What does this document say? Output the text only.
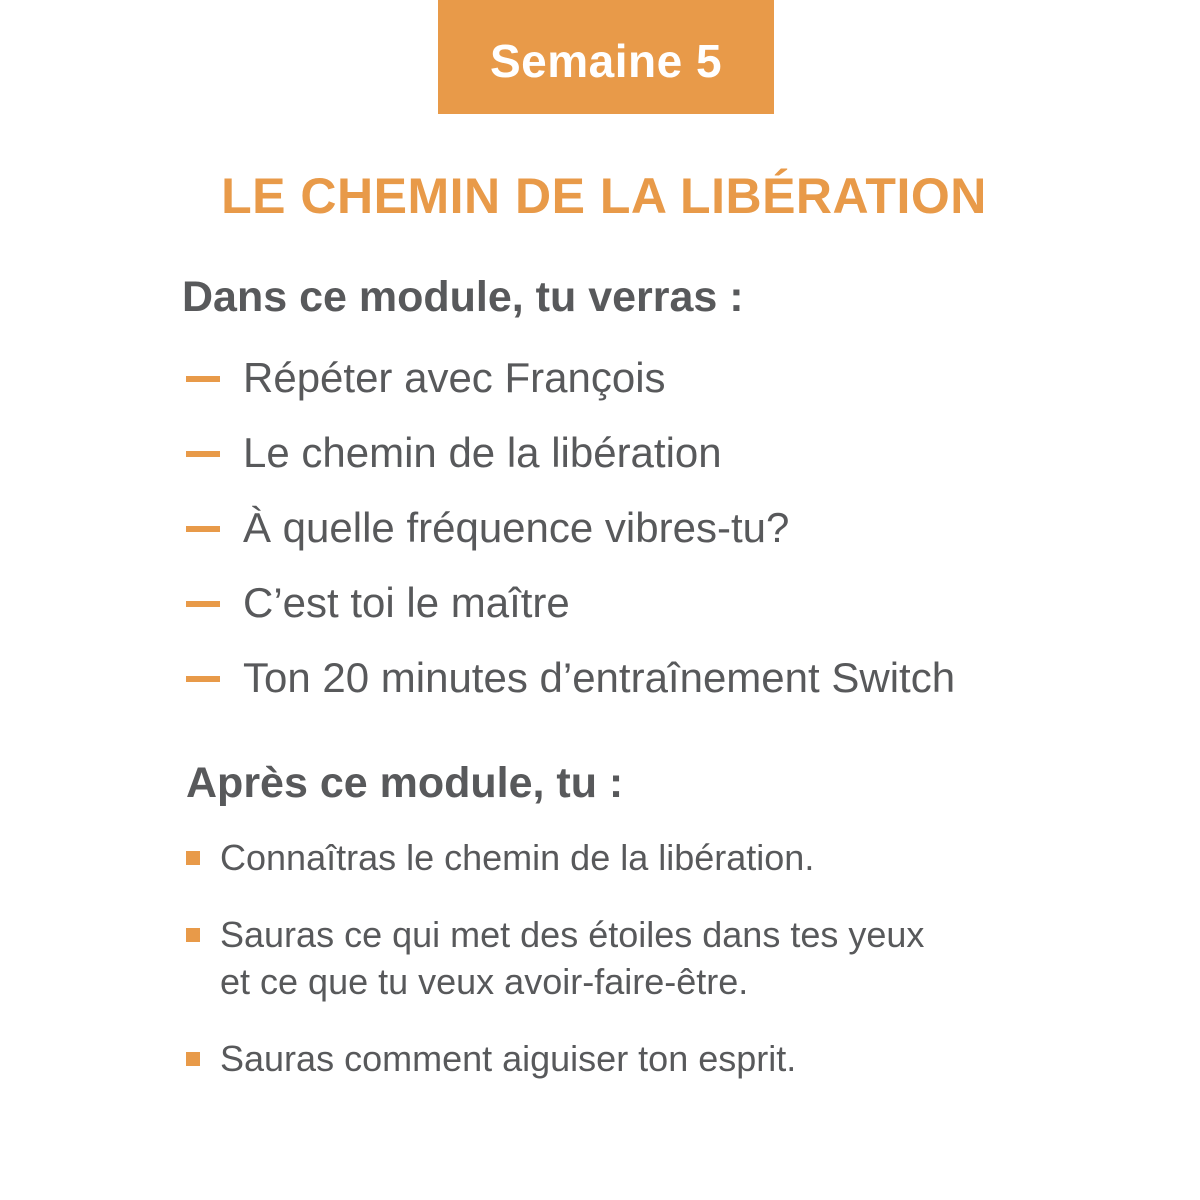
Semaine 5
LE CHEMIN DE LA LIBÉRATION
Dans ce module, tu verras :
Répéter avec François
Le chemin de la libération
À quelle fréquence vibres-tu?
C’est toi le maître
Ton 20 minutes d’entraînement Switch
Après ce module, tu :
Connaîtras le chemin de la libération.
Sauras ce qui met des étoiles dans tes yeux
et ce que tu veux avoir-faire-être.
Sauras comment aiguiser ton esprit.
